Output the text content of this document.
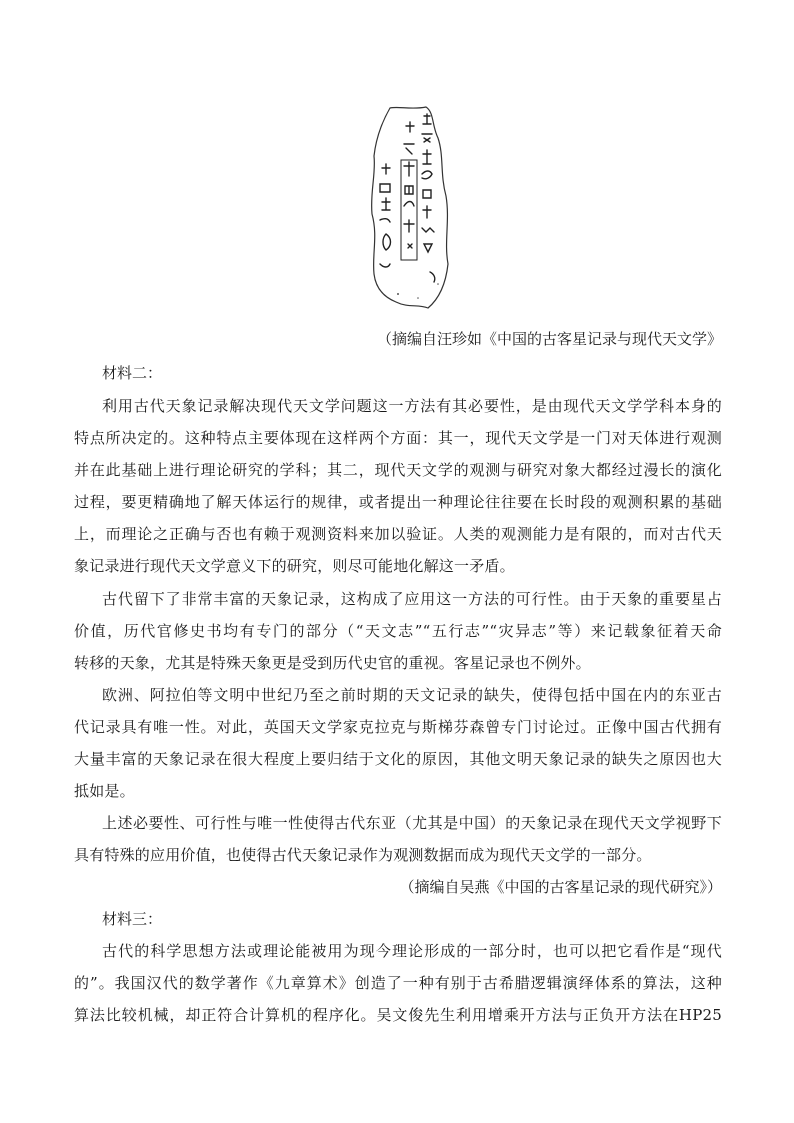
（摘编自汪珍如《中国的古客星记录与现代天文学》
材料二：
利用古代天象记录解决现代天文学问题这一方法有其必要性，是由现代天文学学科本身的
特点所决定的。这种特点主要体现在这样两个方面：其一，现代天文学是一门对天体进行观测
并在此基础上进行理论研究的学科；其二，现代天文学的观测与研究对象大都经过漫长的演化
过程，要更精确地了解天体运行的规律，或者提出一种理论往往要在长时段的观测积累的基础
上，而理论之正确与否也有赖于观测资料来加以验证。人类的观测能力是有限的，而对古代天
象记录进行现代天文学意义下的研究，则尽可能地化解这一矛盾。
古代留下了非常丰富的天象记录，这构成了应用这一方法的可行性。由于天象的重要星占
价值，历代官修史书均有专门的部分（“天文志”“五行志”“灾异志”等）来记载象征着天命
转移的天象，尤其是特殊天象更是受到历代史官的重视。客星记录也不例外。
欧洲、阿拉伯等文明中世纪乃至之前时期的天文记录的缺失，使得包括中国在内的东亚古
代记录具有唯一性。对此，英国天文学家克拉克与斯梯芬森曾专门讨论过。正像中国古代拥有
大量丰富的天象记录在很大程度上要归结于文化的原因，其他文明天象记录的缺失之原因也大
抵如是。
上述必要性、可行性与唯一性使得古代东亚（尤其是中国）的天象记录在现代天文学视野下
具有特殊的应用价值，也使得古代天象记录作为观测数据而成为现代天文学的一部分。
（摘编自吴燕《中国的古客星记录的现代研究》）
材料三：
古代的科学思想方法或理论能被用为现今理论形成的一部分时，也可以把它看作是“现代
的”。我国汉代的数学著作《九章算术》创造了一种有别于古希腊逻辑演绎体系的算法，这种
算法比较机械，却正符合计算机的程序化。吴文俊先生利用增乘开方法与正负开方法在HP25
